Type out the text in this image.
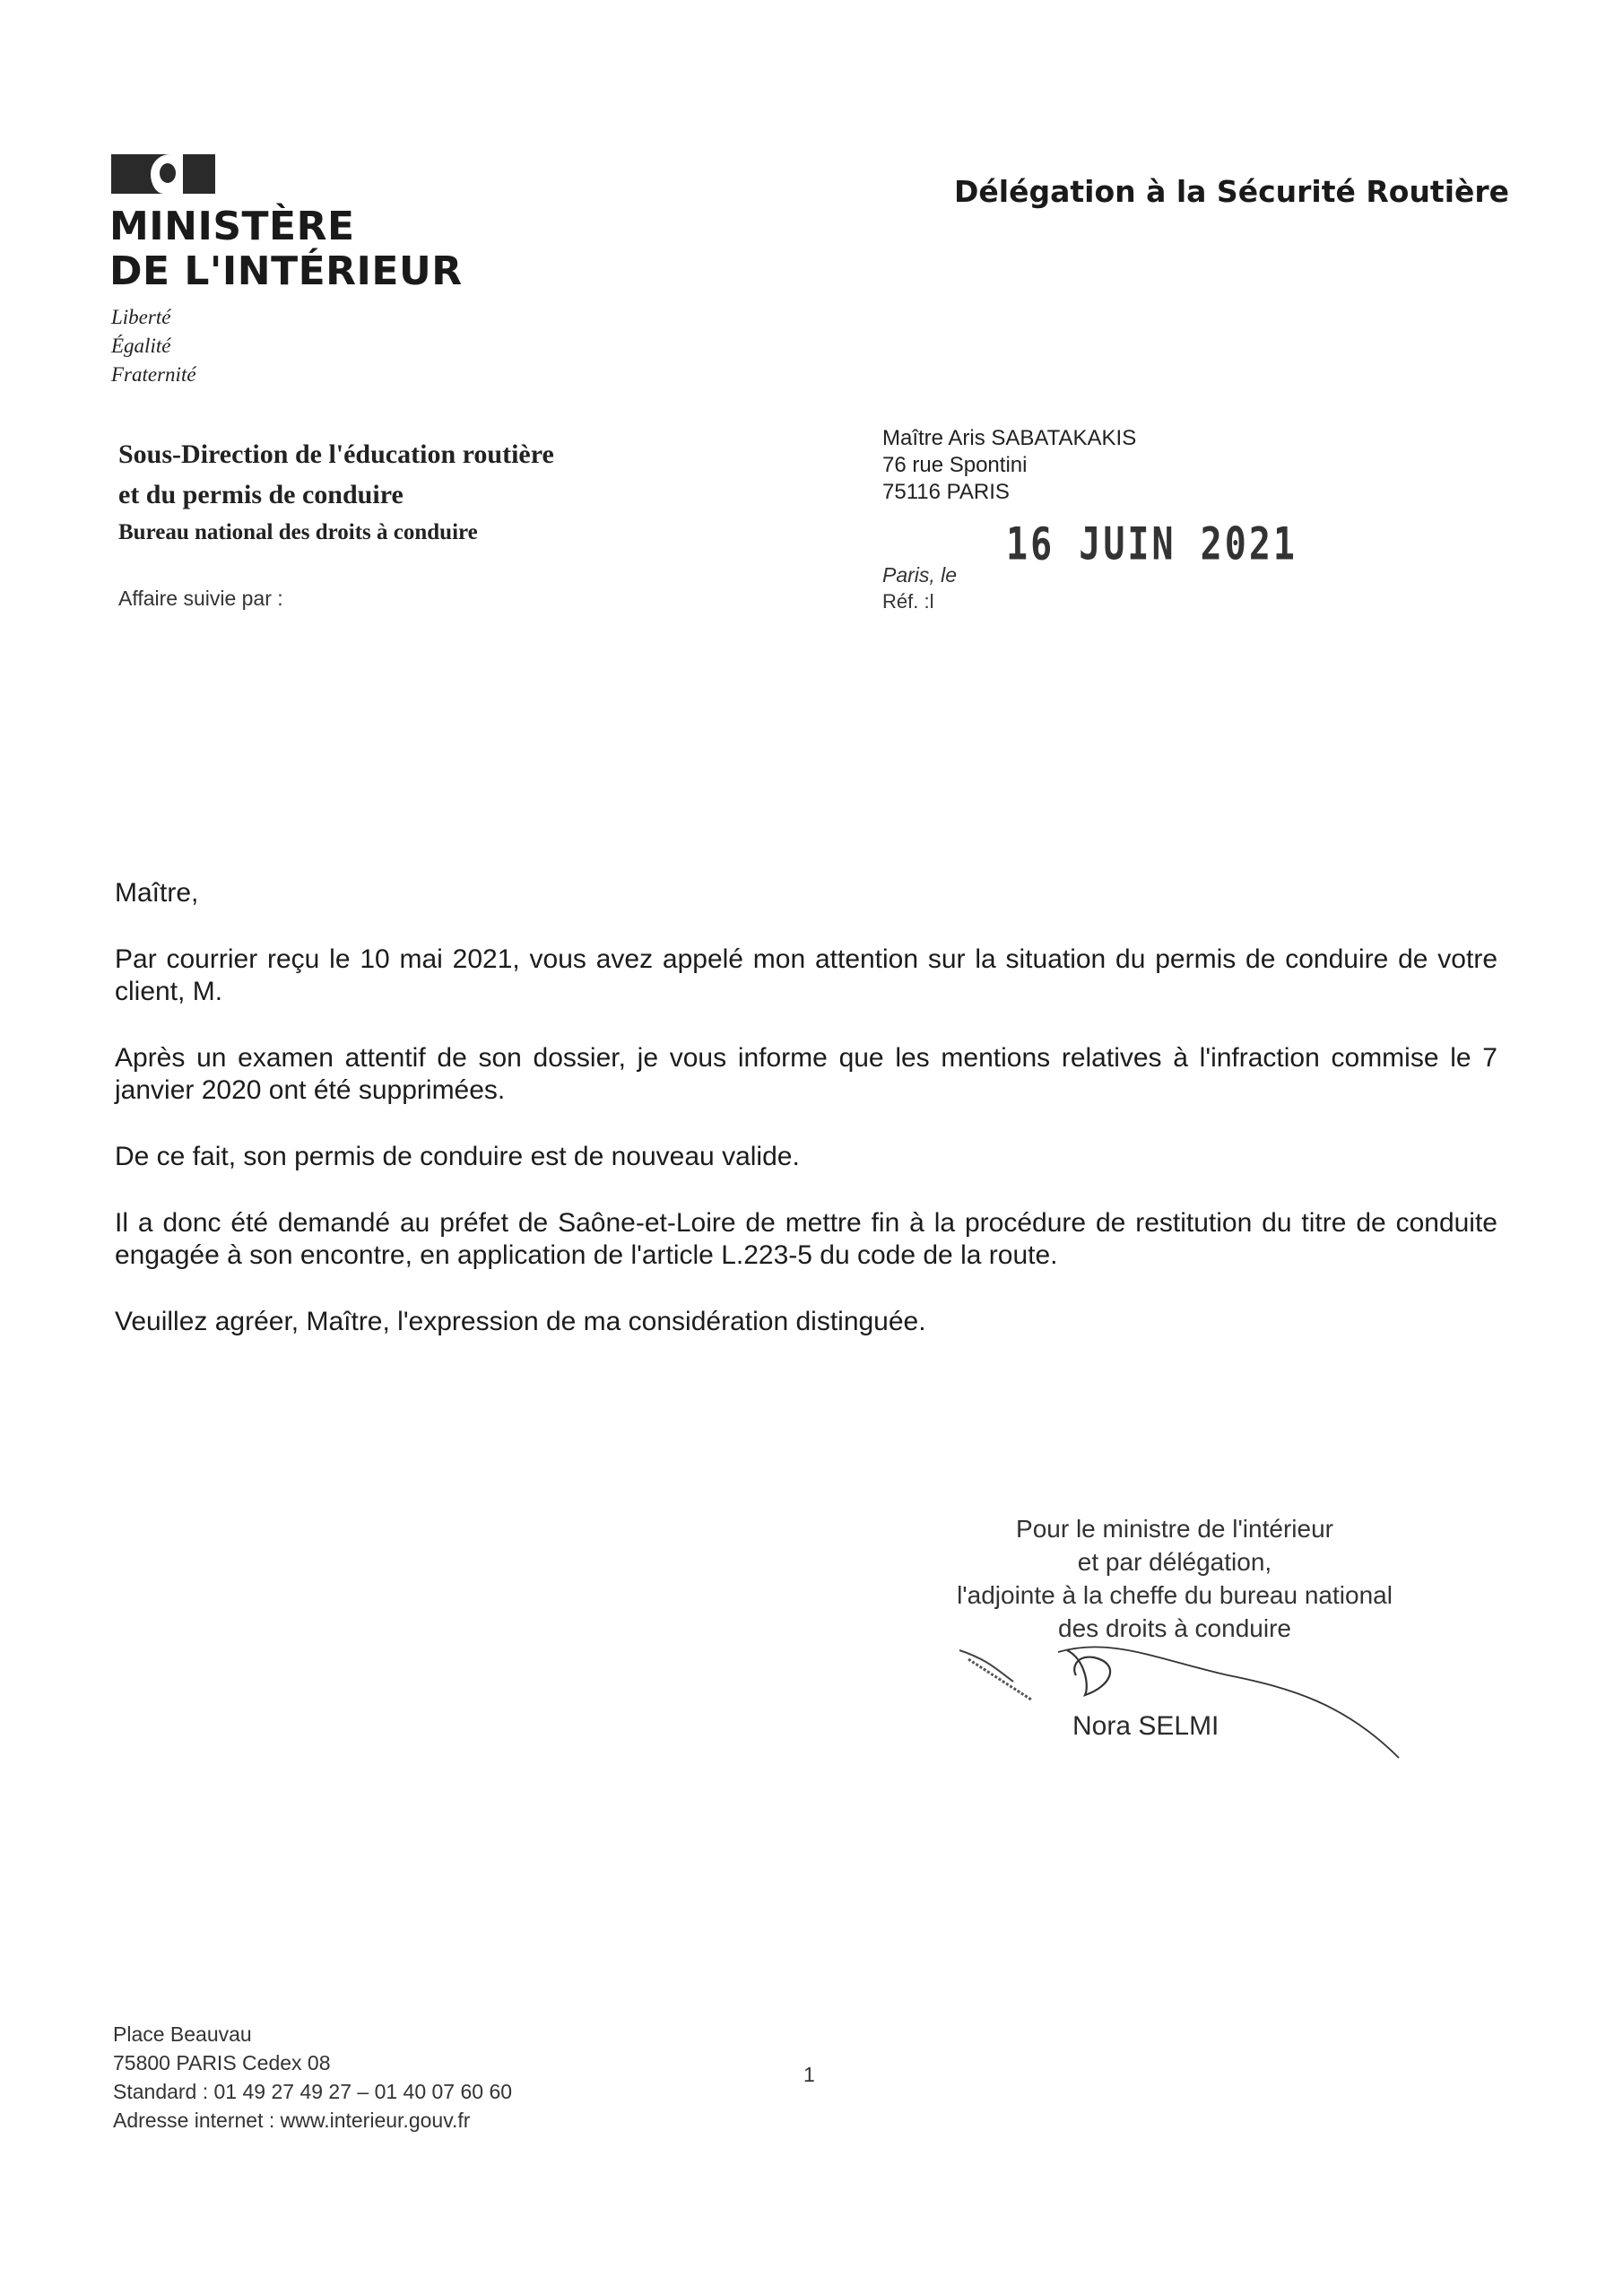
MINISTÈRE
DE L'INTÉRIEUR
Liberté
Égalité
Fraternité
Délégation à la Sécurité Routière
Sous-Direction de l'éducation routière
et du permis de conduire
Bureau national des droits à conduire
Affaire suivie par :
Maître Aris SABATAKAKIS
76 rue Spontini
75116 PARIS
16 JUIN 2021
Paris, le
Réf. :l
Maître,
Par courrier reçu le 10 mai 2021, vous avez appelé mon attention sur la situation du permis de conduire de votre client, M.
Après un examen attentif de son dossier, je vous informe que les mentions relatives à l'infraction commise le 7 janvier 2020 ont été supprimées.
De ce fait, son permis de conduire est de nouveau valide.
Il a donc été demandé au préfet de Saône-et-Loire de mettre fin à la procédure de restitution du titre de conduite engagée à son encontre, en application de l'article L.223-5 du code de la route.
Veuillez agréer, Maître, l'expression de ma considération distinguée.
Pour le ministre de l'intérieur
et par délégation,
l'adjointe à la cheffe du bureau national
des droits à conduire
Nora SELMI
Place Beauvau
75800 PARIS Cedex 08
Standard : 01 49 27 49 27 – 01 40 07 60 60
Adresse internet : www.interieur.gouv.fr
1
